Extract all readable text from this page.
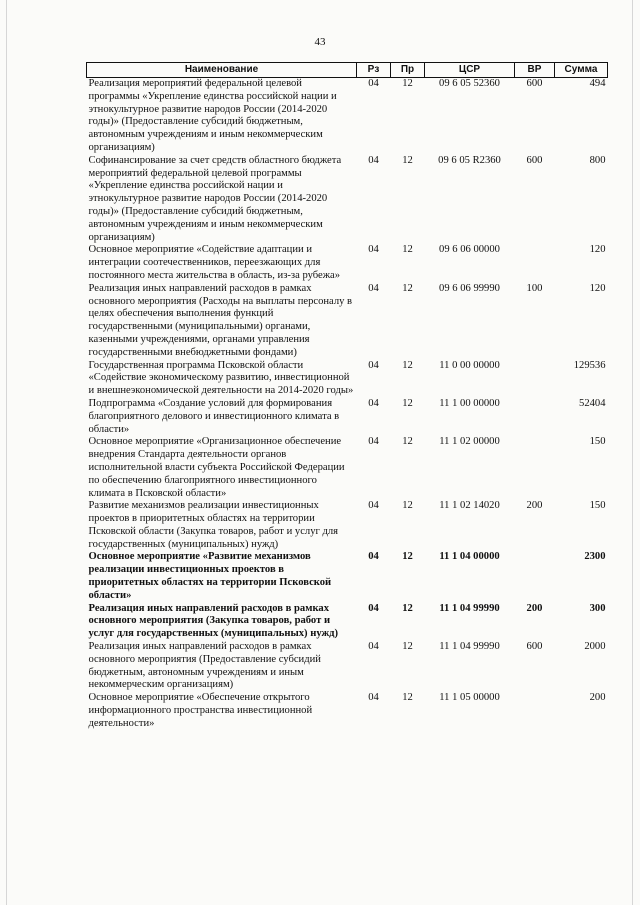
43
Наименование	Рз	Пр	ЦСР	ВР	Сумма
Реализация мероприятий федеральной целевой программы «Укрепление единства российской нации и этнокультурное развитие народов России (2014-2020 годы)» (Предоставление субсидий бюджетным, автономным учреждениям и иным некоммерческим организациям)	04	12	09 6 05 52360	600	494
Софинансирование за счет средств областного бюджета мероприятий федеральной целевой программы «Укрепление единства российской нации и этнокультурное развитие народов России (2014-2020 годы)» (Предоставление субсидий бюджетным, автономным учреждениям и иным некоммерческим организациям)	04	12	09 6 05 R2360	600	800
Основное мероприятие «Содействие адаптации и интеграции соотечественников, переезжающих для постоянного места жительства в область, из-за рубежа»	04	12	09 6 06 00000		120
Реализация иных направлений расходов в рамках основного мероприятия (Расходы на выплаты персоналу в целях обеспечения выполнения функций государственными (муниципальными) органами, казенными учреждениями, органами управления государственными внебюджетными фондами)	04	12	09 6 06 99990	100	120
Государственная программа Псковской области «Содействие экономическому развитию, инвестиционной и внешнеэкономической деятельности на 2014-2020 годы»	04	12	11 0 00 00000		129536
Подпрограмма «Создание условий для формирования благоприятного делового и инвестиционного климата в области»	04	12	11 1 00 00000		52404
Основное мероприятие «Организационное обеспечение внедрения Стандарта деятельности органов исполнительной власти субъекта Российской Федерации по обеспечению благоприятного инвестиционного климата в Псковской области»	04	12	11 1 02 00000		150
Развитие механизмов реализации инвестиционных проектов в приоритетных областях на территории Псковской области (Закупка товаров, работ и услуг для государственных (муниципальных) нужд)	04	12	11 1 02 14020	200	150
Основное мероприятие «Развитие механизмов реализации инвестиционных проектов в приоритетных областях на территории Псковской области»	04	12	11 1 04 00000		2300
Реализация иных направлений расходов в рамках основного мероприятия (Закупка товаров, работ и услуг для государственных (муниципальных) нужд)	04	12	11 1 04 99990	200	300
Реализация иных направлений расходов в рамках основного мероприятия (Предоставление субсидий бюджетным, автономным учреждениям и иным некоммерческим организациям)	04	12	11 1 04 99990	600	2000
Основное мероприятие «Обеспечение открытого информационного пространства инвестиционной деятельности»	04	12	11 1 05 00000		200
